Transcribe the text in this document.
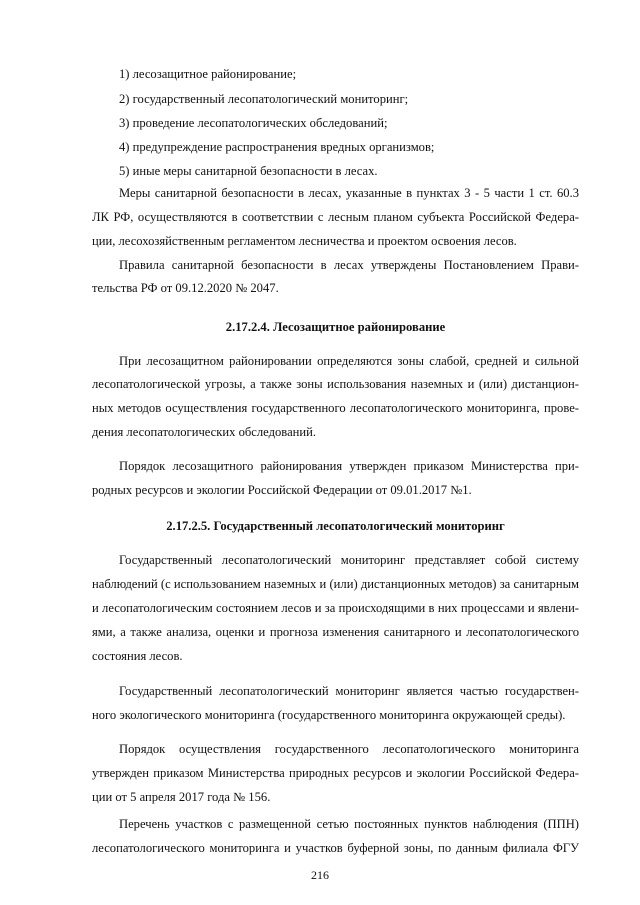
1) лесозащитное районирование;
2) государственный лесопатологический мониторинг;
3) проведение лесопатологических обследований;
4) предупреждение распространения вредных организмов;
5) иные меры санитарной безопасности в лесах.
Меры санитарной безопасности в лесах, указанные в пунктах 3 - 5 части 1 ст. 60.3
ЛК РФ, осуществляются в соответствии с лесным планом субъекта Российской Федера-
ции, лесохозяйственным регламентом лесничества и проектом освоения лесов.
Правила санитарной безопасности в лесах утверждены Постановлением Прави-
тельства РФ от 09.12.2020 № 2047.
2.17.2.4. Лесозащитное районирование
При лесозащитном районировании определяются зоны слабой, средней и сильной
лесопатологической угрозы, а также зоны использования наземных и (или) дистанцион-
ных методов осуществления государственного лесопатологического мониторинга, прове-
дения лесопатологических обследований.
Порядок лесозащитного районирования утвержден приказом Министерства при-
родных ресурсов и экологии Российской Федерации от 09.01.2017 №1.
2.17.2.5. Государственный лесопатологический мониторинг
Государственный лесопатологический мониторинг представляет собой систему
наблюдений (с использованием наземных и (или) дистанционных методов) за санитарным
и лесопатологическим состоянием лесов и за происходящими в них процессами и явлени-
ями, а также анализа, оценки и прогноза изменения санитарного и лесопатологического
состояния лесов.
Государственный лесопатологический мониторинг является частью государствен-
ного экологического мониторинга (государственного мониторинга окружающей среды).
Порядок осуществления государственного лесопатологического мониторинга
утвержден приказом Министерства природных ресурсов и экологии Российской Федера-
ции от 5 апреля 2017 года № 156.
Перечень участков с размещенной сетью постоянных пунктов наблюдения (ППН)
лесопатологического мониторинга и участков буферной зоны, по данным филиала ФГУ
216
